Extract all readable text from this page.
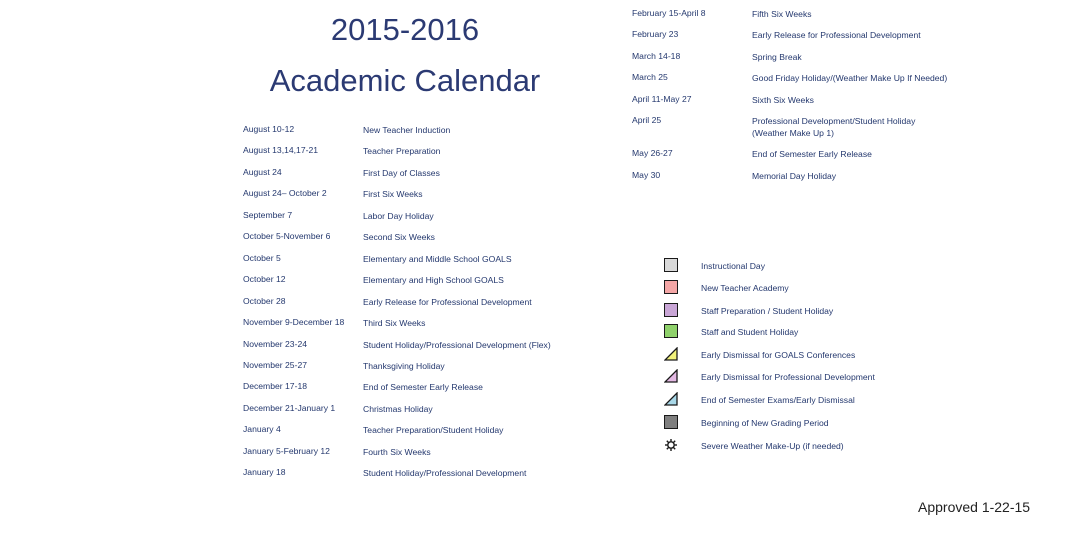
2015-2016
Academic Calendar
August 10-12	New Teacher Induction
August 13,14,17-21	Teacher Preparation
August 24	First Day of Classes
August 24– October 2	First Six Weeks
September 7	Labor Day Holiday
October 5-November 6	Second Six Weeks
October 5	Elementary and Middle School GOALS
October 12	Elementary and High School GOALS
October 28	Early Release for Professional Development
November 9-December 18 Third Six Weeks
November 23-24	Student Holiday/Professional Development (Flex)
November 25-27	Thanksgiving Holiday
December 17-18	End of Semester Early Release
December 21-January 1	Christmas Holiday
January 4	Teacher Preparation/Student Holiday
January 5-February 12	Fourth Six Weeks
January 18	Student Holiday/Professional Development
February 15-April 8	Fifth Six Weeks
February 23	Early Release for Professional Development
March 14-18	Spring Break
March 25	Good Friday Holiday/(Weather Make Up If Needed)
April 11-May 27	Sixth Six Weeks
April 25	Professional Development/Student Holiday (Weather Make Up 1)
May 26-27	End of Semester Early Release
May 30	Memorial Day Holiday
Instructional Day
New Teacher Academy
Staff Preparation / Student Holiday
Staff and Student Holiday
Early Dismissal for GOALS Conferences
Early Dismissal for Professional Development
End of Semester Exams/Early Dismissal
Beginning of New Grading Period
Severe Weather Make-Up (if needed)
Approved 1-22-15
